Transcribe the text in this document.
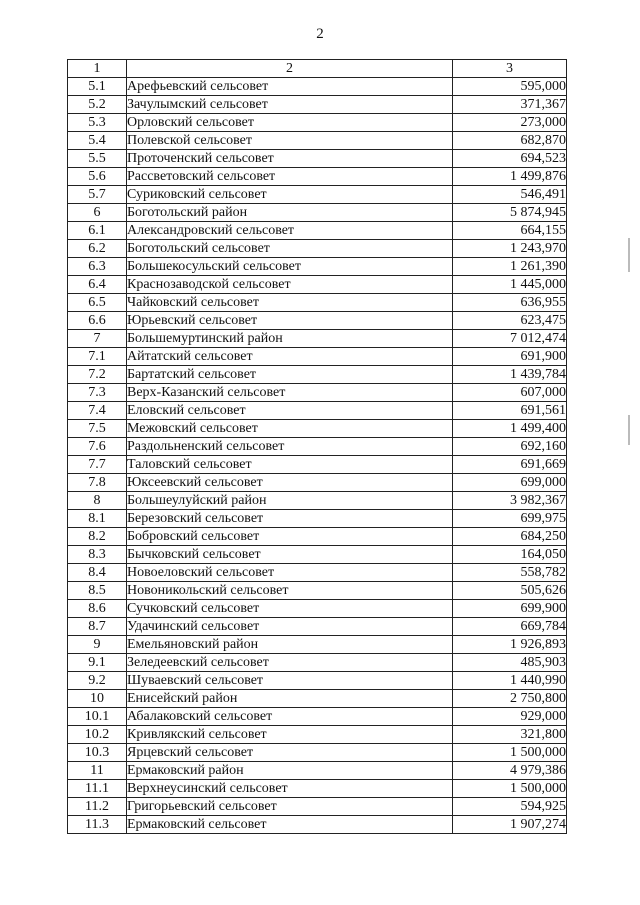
2
1	2	3
5.1	Арефьевский сельсовет	595,000
5.2	Зачулымский сельсовет	371,367
5.3	Орловский сельсовет	273,000
5.4	Полевской сельсовет	682,870
5.5	Проточенский сельсовет	694,523
5.6	Рассветовский сельсовет	1 499,876
5.7	Суриковский сельсовет	546,491
6	Боготольский район	5 874,945
6.1	Александровский сельсовет	664,155
6.2	Боготольский сельсовет	1 243,970
6.3	Большекосульский сельсовет	1 261,390
6.4	Краснозаводской сельсовет	1 445,000
6.5	Чайковский сельсовет	636,955
6.6	Юрьевский сельсовет	623,475
7	Большемуртинский район	7 012,474
7.1	Айтатский сельсовет	691,900
7.2	Бартатский сельсовет	1 439,784
7.3	Верх-Казанский сельсовет	607,000
7.4	Еловский сельсовет	691,561
7.5	Межовский сельсовет	1 499,400
7.6	Раздольненский сельсовет	692,160
7.7	Таловский сельсовет	691,669
7.8	Юксеевский сельсовет	699,000
8	Большеулуйский район	3 982,367
8.1	Березовский сельсовет	699,975
8.2	Бобровский сельсовет	684,250
8.3	Бычковский сельсовет	164,050
8.4	Новоеловский сельсовет	558,782
8.5	Новоникольский сельсовет	505,626
8.6	Сучковский сельсовет	699,900
8.7	Удачинский сельсовет	669,784
9	Емельяновский район	1 926,893
9.1	Зеледеевский сельсовет	485,903
9.2	Шуваевский сельсовет	1 440,990
10	Енисейский район	2 750,800
10.1	Абалаковский сельсовет	929,000
10.2	Кривлякский сельсовет	321,800
10.3	Ярцевский сельсовет	1 500,000
11	Ермаковский район	4 979,386
11.1	Верхнеусинский сельсовет	1 500,000
11.2	Григорьевский сельсовет	594,925
11.3	Ермаковский сельсовет	1 907,274
